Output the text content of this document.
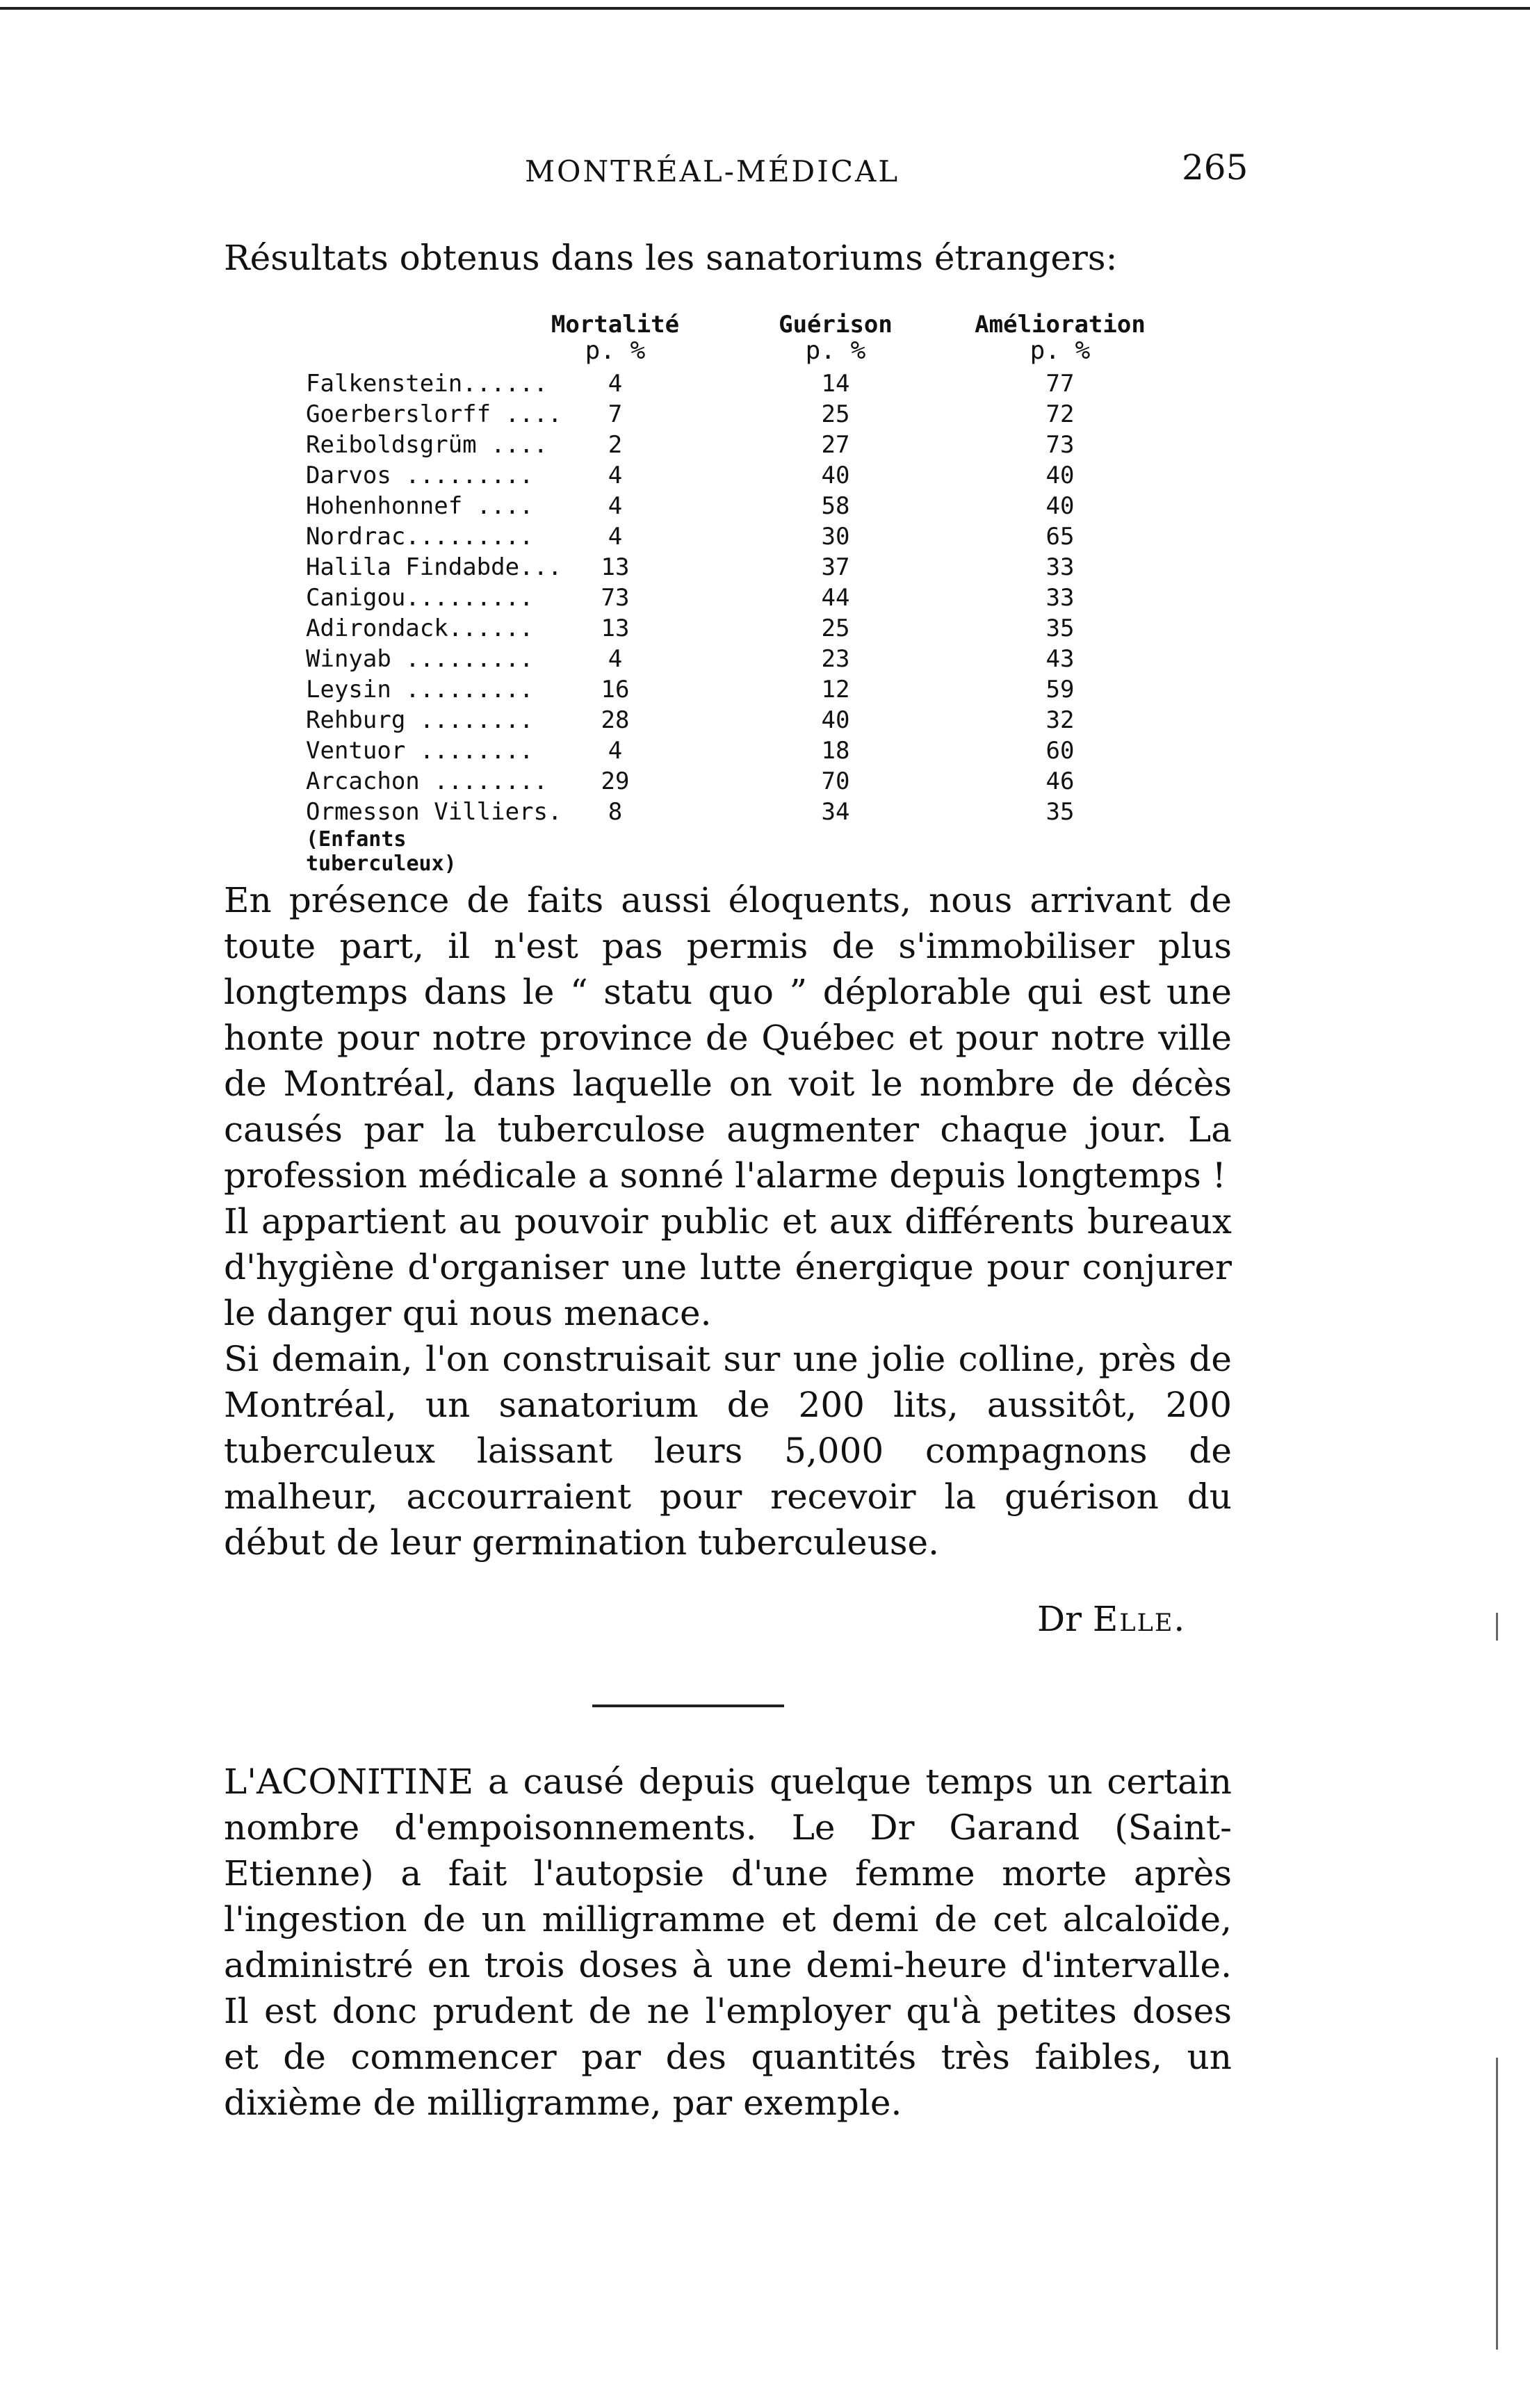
MONTRÉAL-MÉDICAL	265
Résultats obtenus dans les sanatoriums étrangers:
Mortalité
p. %
Guérison
p. %
Amélioration
p. %
Falkenstein......	4	14	77
Goerberslorff ....	7	25	72
Reiboldsgrüm ....	2	27	73
Darvos .........	4	40	40
Hohenhonnef ....	4	58	40
Nordrac.........	4	30	65
Halila Findabde...	13	37	33
Canigou.........	73	44	33
Adirondack......	13	25	35
Winyab .........	4	23	43
Leysin .........	16	12	59
Rehburg ........	28	40	32
Ventuor ........	4	18	60
Arcachon ........	29	70	46
Ormesson Villiers.	8	34	35
(Enfants tuberculeux)

En présence de faits aussi éloquents, nous arrivant de toute part, il n'est pas permis de s'immobiliser plus longtemps dans le “ statu quo ” déplorable qui est une honte pour notre province de Québec et pour notre ville de Montréal, dans laquelle on voit le nombre de décès causés par la tuberculose augmenter chaque jour. La profession médicale a sonné l'alarme depuis longtemps !

Il appartient au pouvoir public et aux différents bureaux d'hygiène d'organiser une lutte énergique pour conjurer le danger qui nous menace.

Si demain, l'on construisait sur une jolie colline, près de Montréal, un sanatorium de 200 lits, aussitôt, 200 tuberculeux laissant leurs 5,000 compagnons de malheur, accourraient pour recevoir la guérison du début de leur germination tuberculeuse.

Dr Elle.

L'ACONITINE a causé depuis quelque temps un certain nombre d'empoisonnements. Le Dr Garand (Saint-Etienne) a fait l'autopsie d'une femme morte après l'ingestion de un milligramme et demi de cet alcaloïde, administré en trois doses à une demi-heure d'intervalle. Il est donc prudent de ne l'employer qu'à petites doses et de commencer par des quantités très faibles, un dixième de milligramme, par exemple.
